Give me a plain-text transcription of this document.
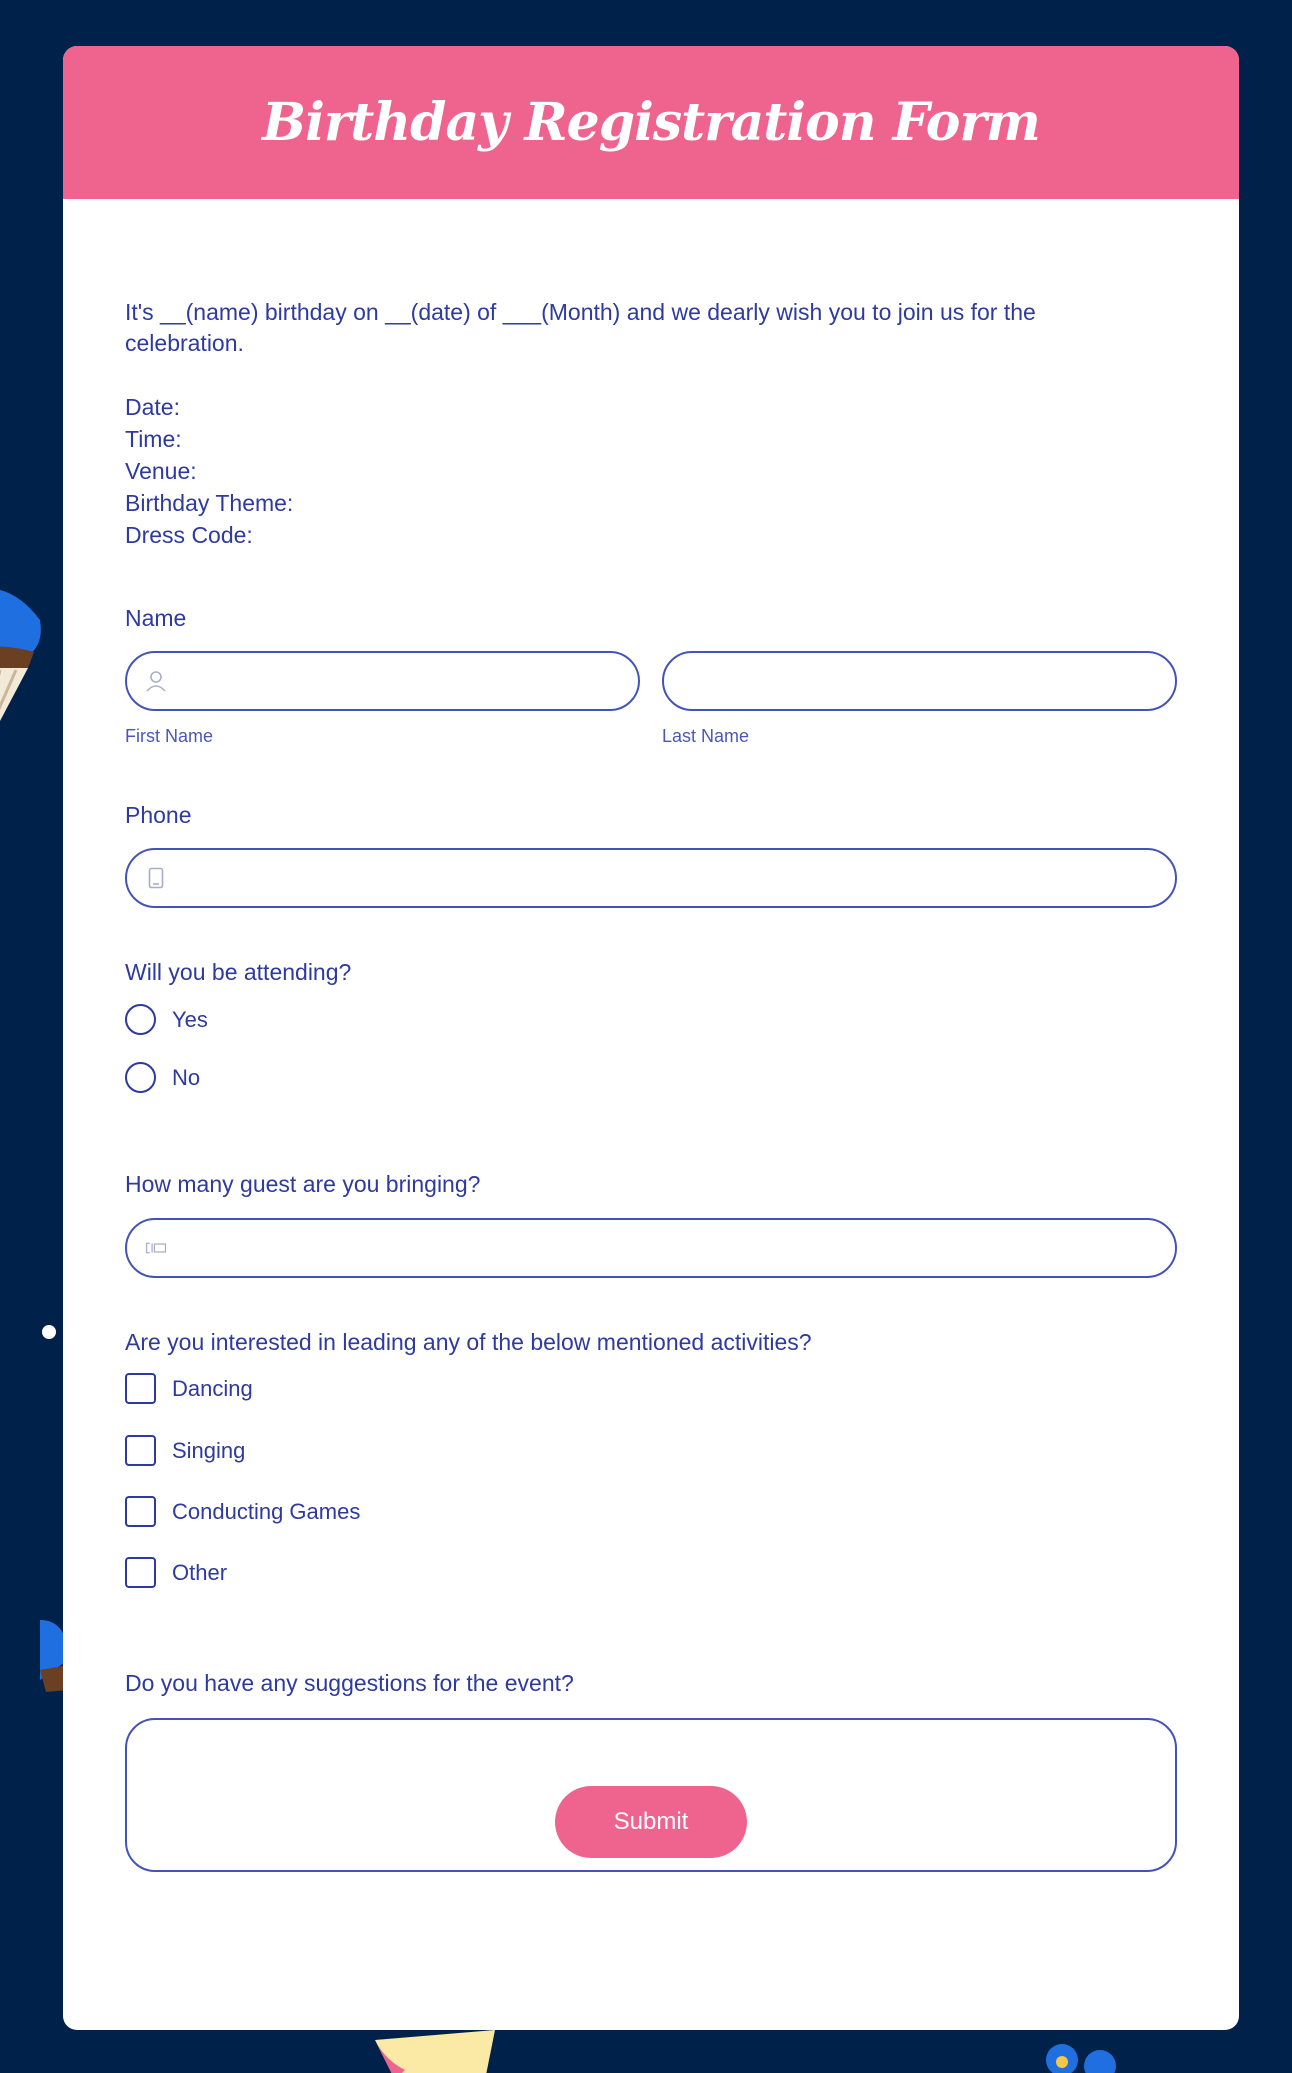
Birthday Registration Form
It's __(name) birthday on __(date) of ___(Month) and we dearly wish you to join us for the celebration.
Date:
Time:
Venue:
Birthday Theme:
Dress Code:
Name
First Name	Last Name
Phone
Will you be attending?
Yes
No
How many guest are you bringing?
Are you interested in leading any of the below mentioned activities?
Dancing
Singing
Conducting Games
Other
Do you have any suggestions for the event?
Submit
